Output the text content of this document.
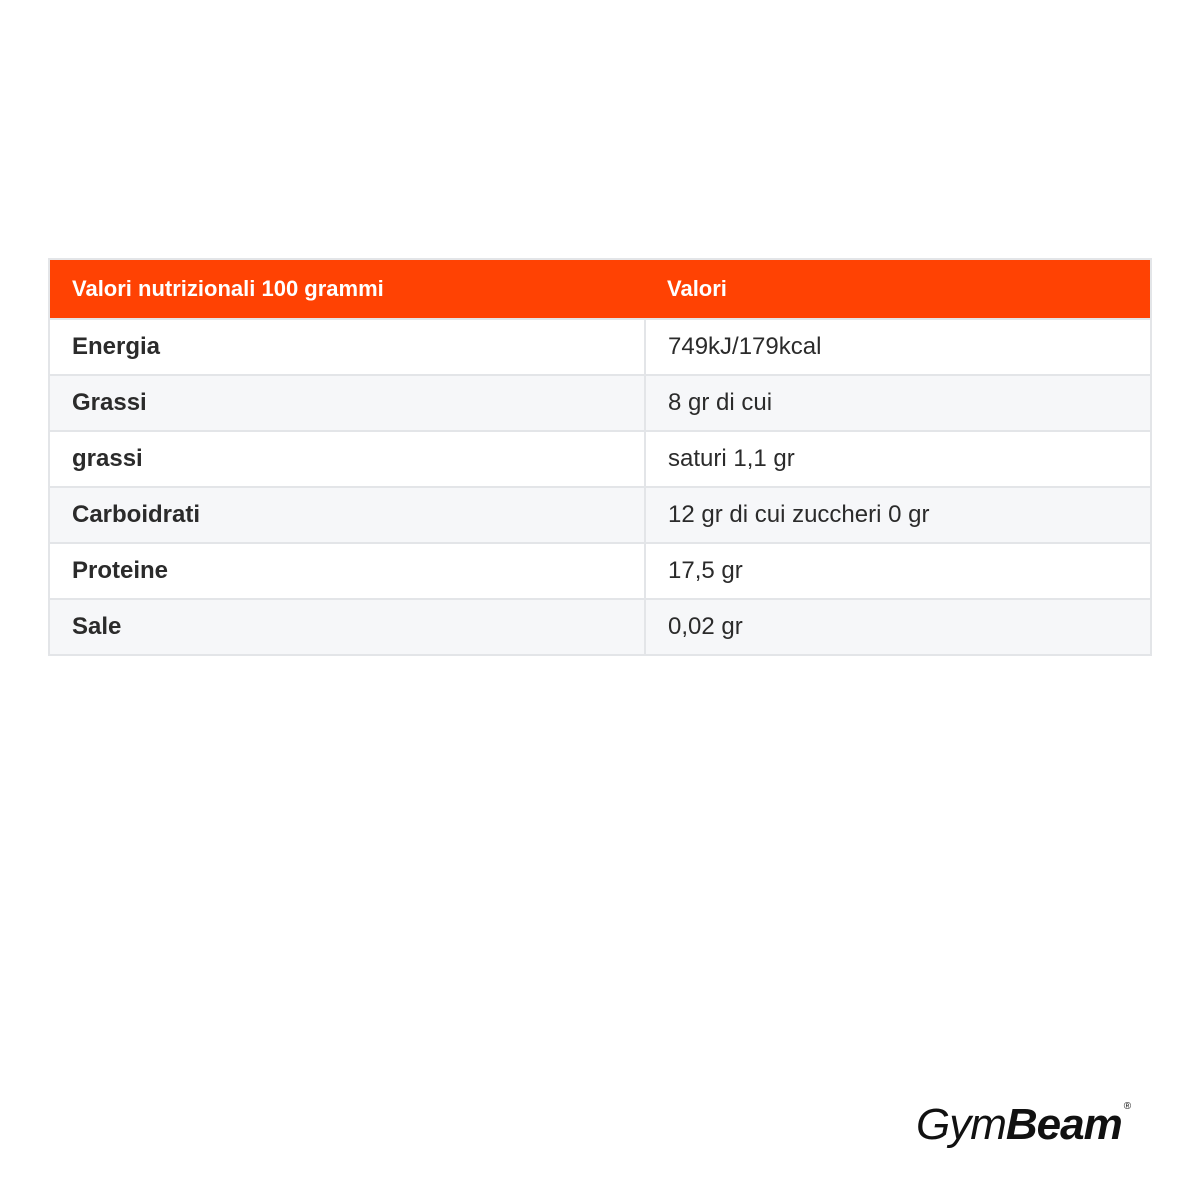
Valori nutrizionali 100 grammi	Valori
Energia	749kJ/179kcal
Grassi	8 gr di cui
grassi	saturi 1,1 gr
Carboidrati	12 gr di cui zuccheri 0 gr
Proteine	17,5 gr
Sale	0,02 gr
Gym Beam ®
